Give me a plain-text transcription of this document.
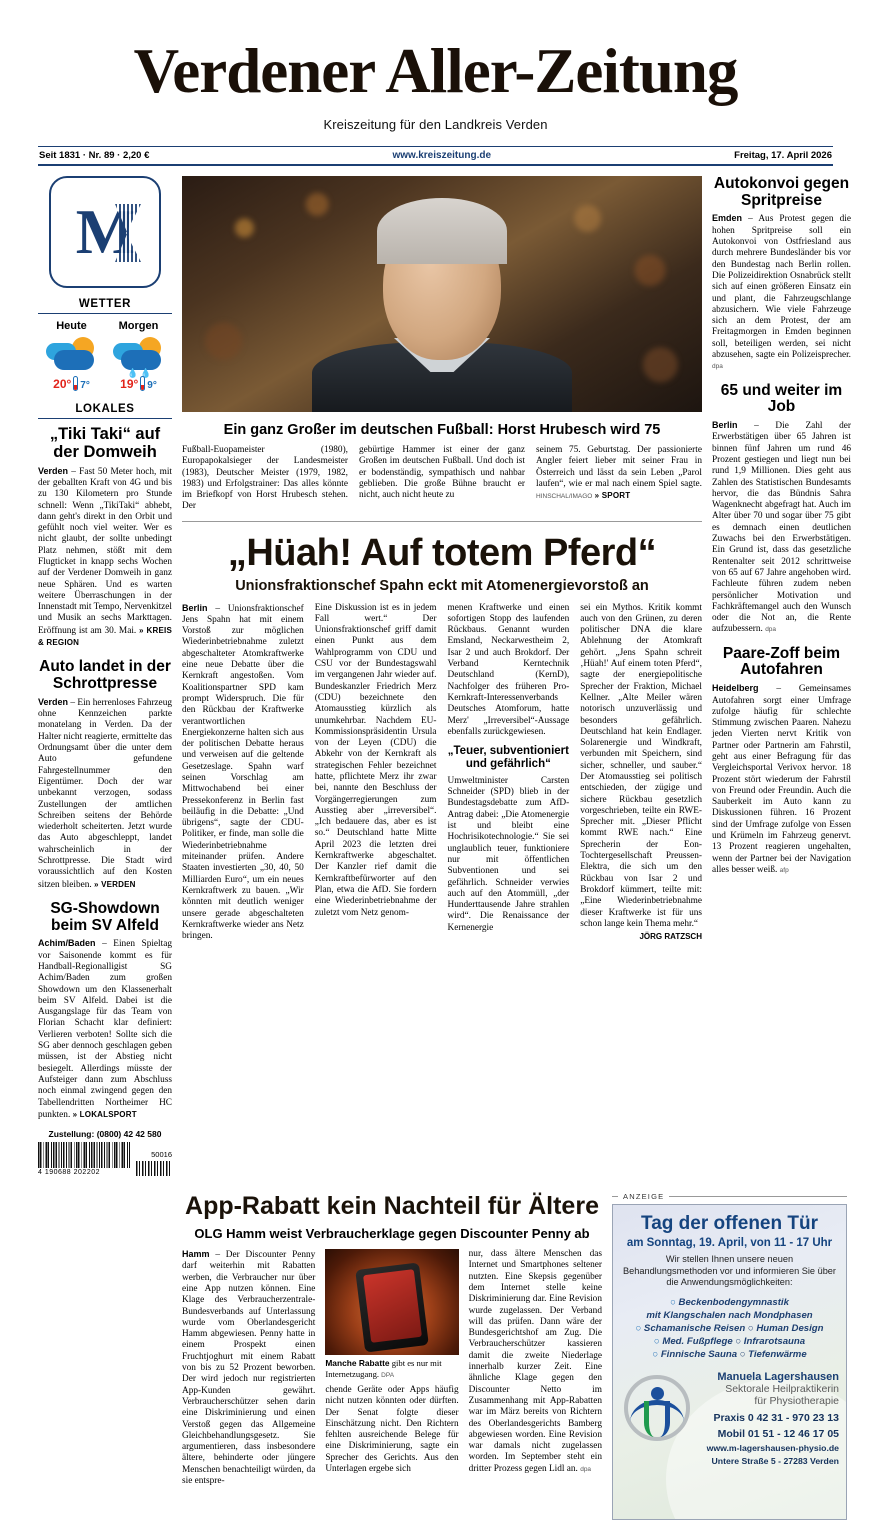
Verdener Aller-Zeitung
Kreiszeitung für den Landkreis Verden
Seit 1831 · Nr. 89 · 2,20 €	www.kreiszeitung.de	Freitag, 17. April 2026
M
WETTER
Heute
20° 7°
Morgen
💧💧
19° 9°
LOKALES
„Tiki Taki“ auf der Domweih

Verden – Fast 50 Meter hoch, mit der geballten Kraft von 4G und bis zu 130 Kilometern pro Stunde schnell: Wenn „TikiTaki“ abhebt, dann geht's direkt in den Orbit und gefühlt noch viel weiter. Wer es nicht glaubt, der sollte unbedingt Platz nehmen, stößt mit dem Flugticket in knapp sechs Wochen auf der Verdener Domweih in ganz neue Sphären. Und es warten weitere Überraschungen in der Innenstadt mit Tempo, Nervenkitzel und Musik an sechs Markttagen. Eröffnung ist am 30. Mai. » KREIS & REGION

Auto landet in der Schrottpresse

Verden – Ein herrenloses Fahrzeug ohne Kennzeichen parkte monatelang in Verden. Da der Halter nicht reagierte, ermittelte das Ordnungsamt über die unter dem Auto gefundene Fahrgestellnummer den Eigentümer. Doch der war unbekannt verzogen, sodass Zustellungen der amtlichen Schreiben seitens der Behörde wiederholt scheiterten. Jetzt wurde das Auto abgeschleppt, landet wahrscheinlich in der Schrottpresse. Die Stadt wird voraussichtlich auf den Kosten sitzen bleiben. » VERDEN

SG-Showdown beim SV Alfeld

Achim/Baden – Einen Spieltag vor Saisonende kommt es für Handball-Regionalligist SG Achim/Baden zum großen Showdown um den Klassenerhalt beim SV Alfeld. Dabei ist die Ausgangslage für das Team von Florian Schacht klar definiert: Verlieren verboten! Sollte sich die SG aber dennoch geschlagen geben müssen, ist der Abstieg nicht besiegelt. Allerdings müsste der Aufsteiger dann zum Abschluss noch einmal zwingend gegen den Tabellendritten Northeimer HC punkten. » LOKALSPORT

Zustellung: (0800) 42 42 580
4 190688 202202
50016
Ein ganz Großer im deutschen Fußball: Horst Hrubesch wird 75
Fußball-Euopameister (1980), Europapokalsieger der Landesmeister (1983), Deutscher Meister (1979, 1982, 1983) und Erfolgstrainer: Das alles könnte im Briefkopf von Horst Hrubesch stehen. Der
gebürtige Hammer ist einer der ganz Großen im deutschen Fußball. Und doch ist er bodenständig, sympathisch und nahbar geblieben. Die große Bühne braucht er nicht, auch nicht heute zu
seinem 75. Geburtstag. Der passionierte Angler feiert lieber mit seiner Frau in Österreich und lässt da sein Leben „Parol laufen“, wie er mal nach einem Spiel sagte. HINSCHAL/IMAGO » SPORT
„Hüah! Auf totem Pferd“
Unionsfraktionschef Spahn eckt mit Atomenergievorstoß an

Berlin – Unionsfraktionschef Jens Spahn hat mit einem Vorstoß zur möglichen Wiederinbetriebnahme zuletzt abgeschalteter Atomkraftwerke eine neue Debatte über die Kernkraft angestoßen. Vom Koalitionspartner SPD kam prompt Widerspruch. Die für den Rückbau der Kraftwerke verantwortlichen Energiekonzerne halten sich aus der politischen Debatte heraus und verweisen auf die geltende Gesetzeslage. Spahn warf seinen Vorschlag am Mittwochabend bei einer Pressekonferenz in Berlin fast beiläufig in die Debatte: „Und übrigens“, sagte der CDU-Politiker, er finde, man solle die Wiederinbetriebnahme miteinander prüfen. Andere Staaten investierten „30, 40, 50 Milliarden Euro“, um ein neues Kernkraftwerk zu bauen. „Wir könnten mit deutlich weniger unsere gerade abgeschalteten Kernkraftwerke wieder ans Netz bringen.

Eine Diskussion ist es in jedem Fall wert.“ Der Unionsfraktionschef griff damit einen Punkt aus dem Wahlprogramm von CDU und CSU vor der Bundestagswahl im vergangenen Jahr wieder auf. Bundeskanzler Friedrich Merz (CDU) bezeichnete den Atomausstieg kürzlich als unumkehrbar. Nachdem EU-Kommissionspräsidentin Ursula von der Leyen (CDU) die Abkehr von der Kernkraft als strategischen Fehler bezeichnet hatte, pflichtete Merz ihr zwar bei, nannte den Beschluss der Vorgängerregierungen zum Ausstieg aber „irreversibel“. „Ich bedauere das, aber es ist so.“ Deutschland hatte Mitte April 2023 die letzten drei Kernkraftwerke abgeschaltet. Der Kanzler rief damit die Kernkraftbefürworter auf den Plan, etwa die AfD. Sie fordern eine Wiederinbetriebnahme der zuletzt vom Netz genom-

menen Kraftwerke und einen sofortigen Stopp des laufenden Rückbaus. Genannt wurden Emsland, Neckarwestheim 2, Isar 2 und auch Brokdorf. Der Verband Kerntechnik Deutschland (KernD), Nachfolger des früheren Pro-Kernkraft-Interessenverbands Deutsches Atomforum, hatte Merz' „Irreversibel“-Aussage ebenfalls zurückgewiesen.

„Teuer, subventioniert und gefährlich“

Umweltminister Carsten Schneider (SPD) blieb in der Bundestagsdebatte zum AfD-Antrag dabei: „Die Atomenergie ist und bleibt eine Hochrisikotechnologie.“ Sie sei unglaublich teuer, funktioniere nur mit öffentlichen Subventionen und sei gefährlich. Schneider verwies auch auf den Atommüll, „der Hunderttausende Jahre strahlen wird“. Die Renaissance der Kernenergie

sei ein Mythos. Kritik kommt auch von den Grünen, zu deren politischer DNA die klare Ablehnung der Atomkraft gehört. „Jens Spahn schreit ‚Hüah!' Auf einem toten Pferd“, sagte der energiepolitische Sprecher der Fraktion, Michael Kellner. „Alte Meiler wären notorisch unzuverlässig und besonders gefährlich. Deutschland hat kein Endlager. Solarenergie und Windkraft, verbunden mit Speichern, sind sicher, schneller, und sauber.“ Der Atomausstieg sei politisch entschieden, der zügige und sichere Rückbau gesetzlich vorgeschrieben, teilte ein RWE-Sprecher mit. „Dieser Pflicht kommt RWE nach.“ Eine Sprecherin der Eon-Tochtergesellschaft Preussen-Elektra, die sich um den Rückbau von Isar 2 und Brokdorf kümmert, teilte mit: „Eine Wiederinbetriebnahme dieser Kraftwerke ist für uns schon lange kein Thema mehr.“

JÖRG RATZSCH
Autokonvoi gegen Spritpreise

Emden – Aus Protest gegen die hohen Spritpreise soll ein Autokonvoi von Ostfriesland aus durch mehrere Bundesländer bis vor den Bundestag nach Berlin rollen. Die Polizeidirektion Osnabrück stellt sich auf einen größeren Einsatz ein und plant, die Fahrzeugschlange abzusichern. Wie viele Fahrzeuge sich an dem Protest, der am Freitagmorgen in Emden beginnen soll, beteiligen werden, sei nicht abzusehen, sagte ein Polizeisprecher. dpa

65 und weiter im Job

Berlin – Die Zahl der Erwerbstätigen über 65 Jahren ist binnen fünf Jahren um rund 46 Prozent gestiegen und liegt nun bei rund 1,9 Millionen. Dies geht aus Zahlen des Statistischen Bundesamts hervor, die das Bündnis Sahra Wagenknecht abgefragt hat. Auch im Alter über 70 und sogar über 75 gibt es demnach einen deutlichen Zuwachs bei den Erwerbstätigen. Ein Grund ist, dass das gesetzliche Rentenalter seit 2012 schrittweise von 65 auf 67 Jahre angehoben wird. Fachleute führen zudem neben persönlicher Motivation und Fachkräftemangel auch den Wunsch oder die Not an, die Rente aufzubessern. dpa

Paare-Zoff beim Autofahren

Heidelberg – Gemeinsames Autofahren sorgt einer Umfrage zufolge häufig für schlechte Stimmung zwischen Paaren. Nahezu jeden Vierten nervt Kritik von Partner oder Partnerin am Fahrstil, geht aus einer Befragung für das Vergleichsportal Verivox hervor. 18 Prozent stört wiederum der Fahrstil von Freund oder Freundin. Auch die Sauberkeit im Auto kann zu Diskussionen führen. 16 Prozent sind der Umfrage zufolge von Essen und Krümeln im Fahrzeug genervt. 13 Prozent reagieren ungehalten, wenn der Partner bei der Navigation alles besser weiß. afp

App-Rabatt kein Nachteil für Ältere
OLG Hamm weist Verbraucherklage gegen Discounter Penny ab

Hamm – Der Discounter Penny darf weiterhin mit Rabatten werben, die Verbraucher nur über eine App nutzen können. Eine Klage des Verbraucherzentrale-Bundesverbands auf Unterlassung wurde vom Oberlandesgericht Hamm abgewiesen. Penny hatte in einem Prospekt einen Fruchtjoghurt mit einem Rabatt von bis zu 52 Prozent beworben. Der wird jedoch nur registrierten App-Kunden gewährt. Verbraucherschützer sehen darin eine Diskriminierung und einen Verstoß gegen das Allgemeine Gleichbehandlungsgesetz. Sie argumentieren, dass insbesondere ältere, behinderte oder jüngere Menschen benachteiligt würden, da sie entspre-

Manche Rabatte gibt es nur mit Internetzugang. DPA

chende Geräte oder Apps häufig nicht nutzen könnten oder dürften. Der Senat folgte dieser Einschätzung nicht. Den Richtern fehlten ausreichende Belege für eine Diskriminierung, sagte ein Sprecher des Gerichts. Aus den Unterlagen ergebe sich

nur, dass ältere Menschen das Internet und Smartphones seltener nutzten. Eine Skepsis gegenüber dem Internet stelle keine Diskriminierung dar. Eine Revision wurde zugelassen. Der Verband will das prüfen. Dann wäre der Bundesgerichtshof am Zug. Die Verbraucherschützer kassieren damit die zweite Niederlage innerhalb kurzer Zeit. Eine ähnliche Klage gegen den Discounter Netto im Zusammenhang mit App-Rabatten war im März bereits von Richtern des Oberlandesgerichts Bamberg abgewiesen worden. Eine Revision war damals nicht zugelassen worden. Im September steht ein dritter Prozess gegen Lidl an. dpa

ANZEIGE
Tag der offenen Tür
am Sonntag, 19. April, von 11 - 17 Uhr
Wir stellen Ihnen unsere neuen Behandlungsmethoden vor und informieren Sie über die Anwendungsmöglichkeiten:
○ Beckenbodengymnastik
mit Klangschalen nach Mondphasen
○ Schamanische Reisen ○ Human Design
○ Med. Fußpflege ○ Infrarotsauna
○ Finnische Sauna ○ Tiefenwärme
Manuela Lagershausen
Sektorale Heilpraktikerin
für Physiotherapie
Praxis 0 42 31 - 970 23 13
Mobil 01 51 - 12 46 17 05
www.m-lagershausen-physio.de
Untere Straße 5 - 27283 Verden
